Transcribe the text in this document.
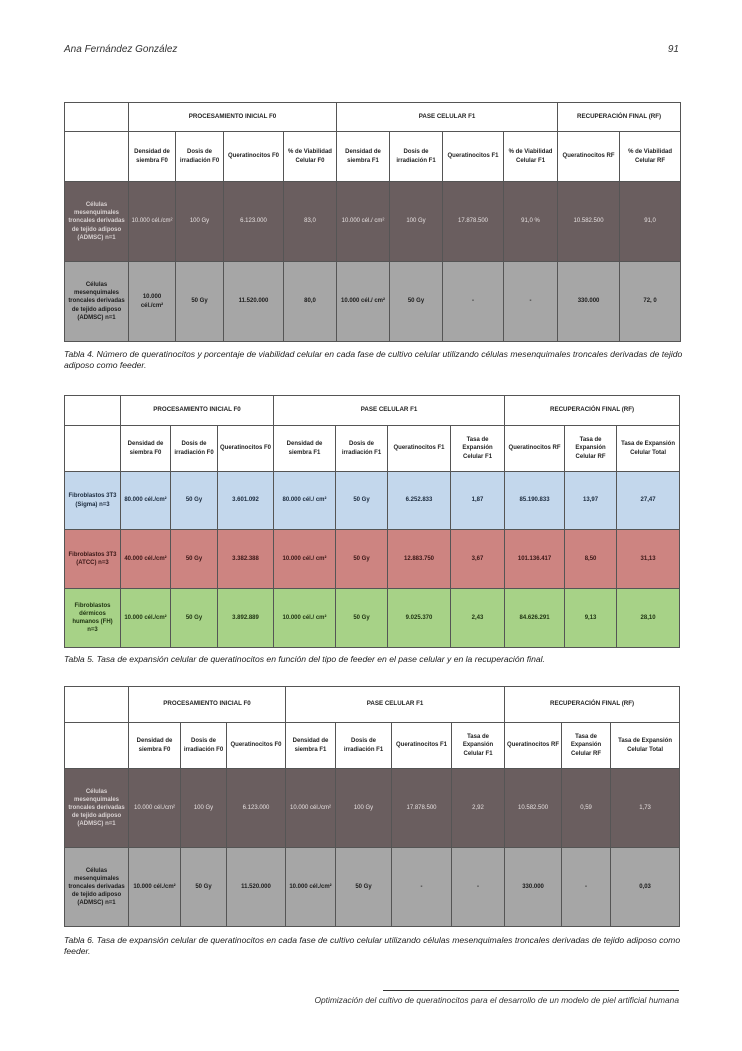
Ana Fernández González	91
	PROCESAMIENTO INICIAL F0				PASE CELULAR F1				RECUPERACIÓN FINAL (RF)	
	Densidad de siembra F0	Dosis de irradiación F0	Queratinocitos F0	% de Viabilidad Celular F0	Densidad de siembra F1	Dosis de irradiación F1	Queratinocitos F1	% de Viabilidad Celular F1	Queratinocitos RF	% de Viabilidad Celular RF
Células mesenquimales troncales derivadas de tejido adiposo (ADMSC) n=1	10.000 cél./cm²	100 Gy	6.123.000	83,0	10.000 cél./ cm²	100 Gy	17.878.500	91,0 %	10.582.500	91,0
Células mesenquimales troncales derivadas de tejido adiposo (ADMSC) n=1	10.000 cél./cm²	50 Gy	11.520.000	80,0	10.000 cél./ cm²	50 Gy	-	-	330.000	72, 0
Tabla 4. Número de queratinocitos y porcentaje de viabilidad celular en cada fase de cultivo celular utilizando células mesenquimales troncales derivadas de tejido adiposo como feeder.
	PROCESAMIENTO INICIAL F0			PASE CELULAR F1				RECUPERACIÓN FINAL (RF)		
	Densidad de siembra F0	Dosis de irradiación F0	Queratinocitos F0	Densidad de siembra F1	Dosis de irradiación F1	Queratinocitos F1	Tasa de Expansión Celular F1	Queratinocitos RF	Tasa de Expansión Celular RF	Tasa de Expansión Celular Total
Fibroblastos 3T3 (Sigma) n=3	80.000 cél./cm²	50 Gy	3.601.092	80.000 cél./ cm²	50 Gy	6.252.833	1,87	85.190.833	13,97	27,47
Fibroblastos 3T3 (ATCC) n=3	40.000 cél./cm²	50 Gy	3.382.388	10.000 cél./ cm²	50 Gy	12.883.750	3,67	101.136.417	8,50	31,13
Fibroblastos dérmicos humanos (FH) n=3	10.000 cél./cm²	50 Gy	3.892.889	10.000 cél./ cm²	50 Gy	9.025.370	2,43	84.626.291	9,13	28,10
Tabla 5. Tasa de expansión celular de queratinocitos en función del tipo de feeder en el pase celular y en la recuperación final.
	PROCESAMIENTO INICIAL F0			PASE CELULAR F1				RECUPERACIÓN FINAL (RF)		
	Densidad de siembra F0	Dosis de irradiación F0	Queratinocitos F0	Densidad de siembra F1	Dosis de irradiación F1	Queratinocitos F1	Tasa de Expansión Celular F1	Queratinocitos RF	Tasa de Expansión Celular RF	Tasa de Expansión Celular Total
Células mesenquimales troncales derivadas de tejido adiposo (ADMSC) n=1	10.000 cél./cm²	100 Gy	6.123.000	10.000 cél./cm²	100 Gy	17.878.500	2,92	10.582.500	0,59	1,73
Células mesenquimales troncales derivadas de tejido adiposo (ADMSC) n=1	10.000 cél./cm²	50 Gy	11.520.000	10.000 cél./cm²	50 Gy	-	-	330.000	-	0,03
Tabla 6. Tasa de expansión celular de queratinocitos en cada fase de cultivo celular utilizando células mesenquimales troncales derivadas de tejido adiposo como feeder.
Optimización del cultivo de queratinocitos para el desarrollo de un modelo de piel artificial humana
